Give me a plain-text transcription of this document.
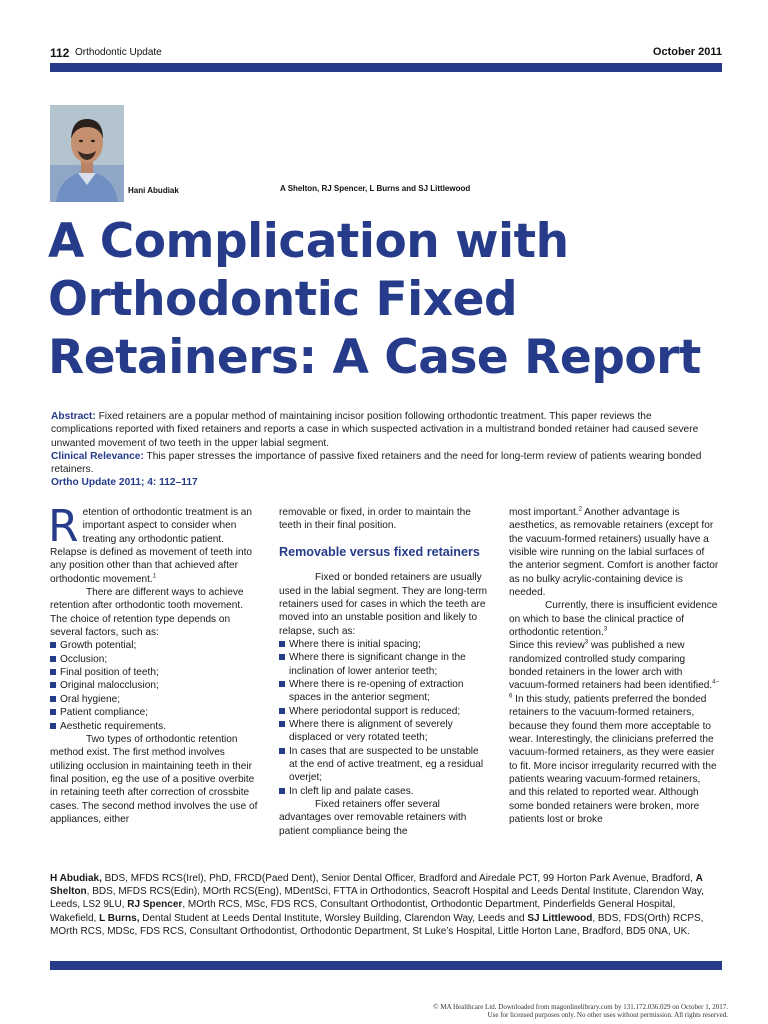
112 Orthodontic Update	October 2011
Hani Abudiak	A Shelton, RJ Spencer, L Burns and SJ Littlewood
A Complication with
Orthodontic Fixed
Retainers: A Case Report

Abstract: Fixed retainers are a popular method of maintaining incisor position following orthodontic treatment. This paper reviews the complications reported with fixed retainers and reports a case in which suspected activation in a multistrand bonded retainer had caused severe unwanted movement of two teeth in the upper labial segment.

Clinical Relevance: This paper stresses the importance of passive fixed retainers and the need for long-term review of patients wearing bonded retainers.

Ortho Update 2011; 4: 112–117

Retention of orthodontic treatment is an important aspect to consider when treating any orthodontic patient. Relapse is defined as movement of teeth into any position other than that achieved after orthodontic movement.$^1$

There are different ways to achieve retention after orthodontic tooth movement. The choice of retention type depends on several factors, such as:

Growth potential;

Occlusion;

Final position of teeth;

Original malocclusion;

Oral hygiene;

Patient compliance;

Aesthetic requirements.

Two types of orthodontic retention method exist. The first method involves utilizing occlusion in maintaining teeth in their final position, eg the use of a positive overbite in retaining teeth after correction of crossbite cases. The second method involves the use of appliances, either

removable or fixed, in order to maintain the teeth in their final position.

Removable versus fixed retainers

Fixed or bonded retainers are usually used in the labial segment. They are long-term retainers used for cases in which the teeth are moved into an unstable position and likely to relapse, such as:

Where there is initial spacing;

Where there is significant change in the inclination of lower anterior teeth;

Where there is re-opening of extraction spaces in the anterior segment;

Where periodontal support is reduced;

Where there is alignment of severely displaced or very rotated teeth;

In cases that are suspected to be unstable at the end of active treatment, eg a residual overjet;

In cleft lip and palate cases.

Fixed retainers offer several advantages over removable retainers with patient compliance being the

most important.$^2$ Another advantage is aesthetics, as removable retainers (except for the vacuum-formed retainers) usually have a visible wire running on the labial surfaces of the anterior segment. Comfort is another factor as no bulky acrylic-containing device is needed.

Currently, there is insufficient evidence on which to base the clinical practice of orthodontic retention.$^3$

Since this review$^3$ was published a new randomized controlled study comparing bonded retainers in the lower arch with vacuum-formed retainers had been identified.$^{4-6}$ In this study, patients preferred the bonded retainers to the vacuum-formed retainers, because they found them more acceptable to wear. Interestingly, the clinicians preferred the vacuum-formed retainers, as they were easier to fit. More incisor irregularity recurred with the patients wearing vacuum-formed retainers, and this related to reported wear. Although some bonded retainers were broken, more patients lost or broke

H Abudiak, BDS, MFDS RCS(Irel), PhD, FRCD(Paed Dent), Senior Dental Officer, Bradford and Airedale PCT, 99 Horton Park Avenue, Bradford, A Shelton, BDS, MFDS RCS(Edin), MOrth RCS(Eng), MDentSci, FTTA in Orthodontics, Seacroft Hospital and Leeds Dental Institute, Clarendon Way, Leeds, LS2 9LU, RJ Spencer, MOrth RCS, MSc, FDS RCS, Consultant Orthodontist, Orthodontic Department, Pinderfields General Hospital, Wakefield, L Burns, Dental Student at Leeds Dental Institute, Worsley Building, Clarendon Way, Leeds and SJ Littlewood, BDS, FDS(Orth) RCPS, MOrth RCS, MDSc, FDS RCS, Consultant Orthodontist, Orthodontic Department, St Luke’s Hospital, Little Horton Lane, Bradford, BD5 0NA, UK.
© MA Healthcare Ltd. Downloaded from magonlinelibrary.com by 131.172.036.029 on October 1, 2017.
Use for licensed purposes only. No other uses without permission. All rights reserved.
